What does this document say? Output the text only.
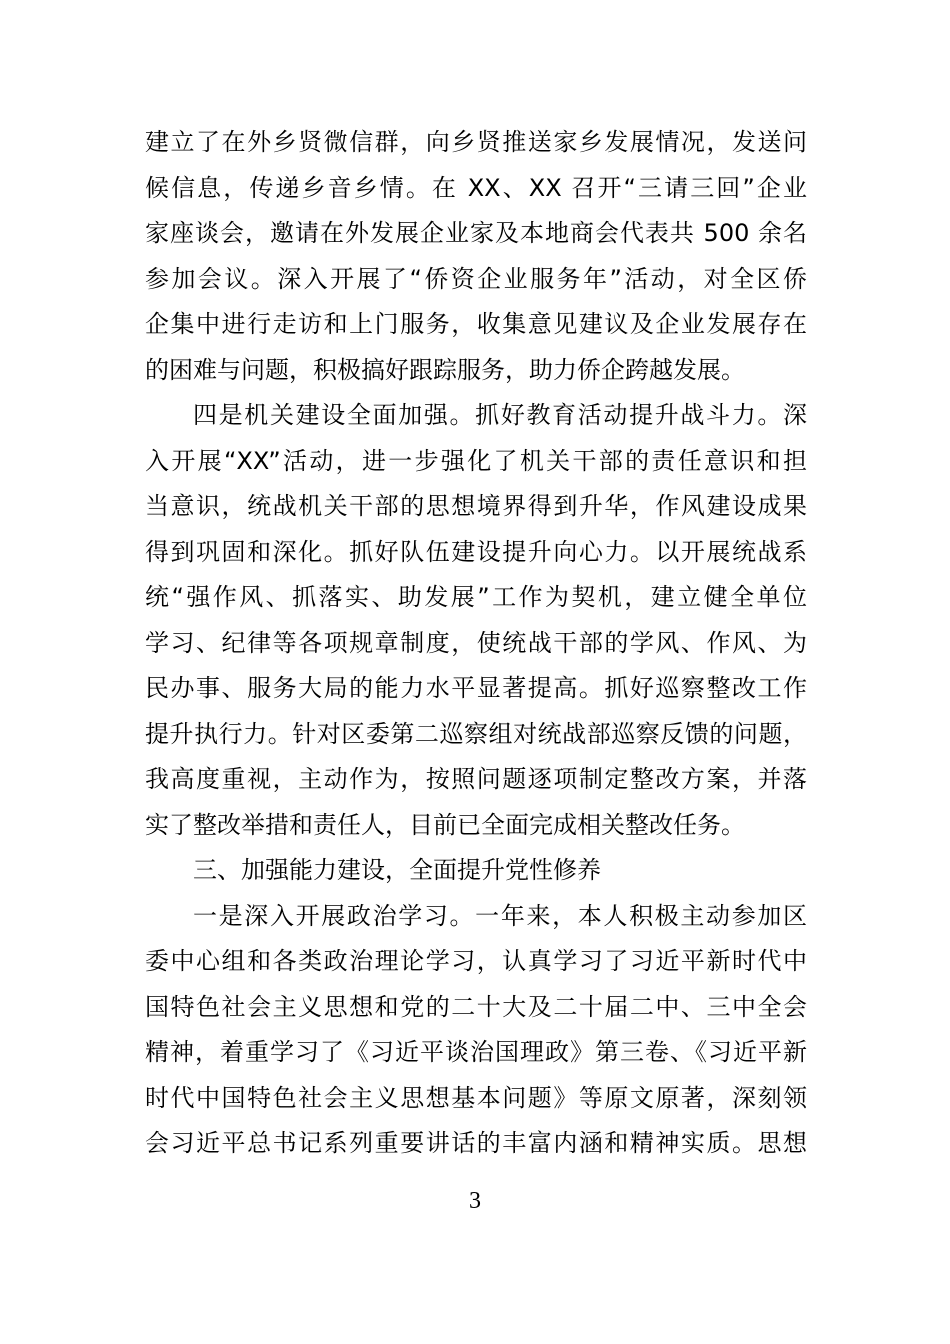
建立了在外乡贤微信群，向乡贤推送家乡发展情况，发送问
候信息，传递乡音乡情。在 XX、XX 召开“三请三回”企业
家座谈会，邀请在外发展企业家及本地商会代表共 500 余名
参加会议。深入开展了“侨资企业服务年”活动，对全区侨
企集中进行走访和上门服务，收集意见建议及企业发展存在
的困难与问题，积极搞好跟踪服务，助力侨企跨越发展。
四是机关建设全面加强。抓好教育活动提升战斗力。深
入开展“XX”活动，进一步强化了机关干部的责任意识和担
当意识，统战机关干部的思想境界得到升华，作风建设成果
得到巩固和深化。抓好队伍建设提升向心力。以开展统战系
统“强作风、抓落实、助发展”工作为契机，建立健全单位
学习、纪律等各项规章制度，使统战干部的学风、作风、为
民办事、服务大局的能力水平显著提高。抓好巡察整改工作
提升执行力。针对区委第二巡察组对统战部巡察反馈的问题，
我高度重视，主动作为，按照问题逐项制定整改方案，并落
实了整改举措和责任人，目前已全面完成相关整改任务。
三、加强能力建设，全面提升党性修养
一是深入开展政治学习。一年来，本人积极主动参加区
委中心组和各类政治理论学习，认真学习了习近平新时代中
国特色社会主义思想和党的二十大及二十届二中、三中全会
精神，着重学习了《习近平谈治国理政》第三卷、《习近平新
时代中国特色社会主义思想基本问题》等原文原著，深刻领
会习近平总书记系列重要讲话的丰富内涵和精神实质。思想
3
